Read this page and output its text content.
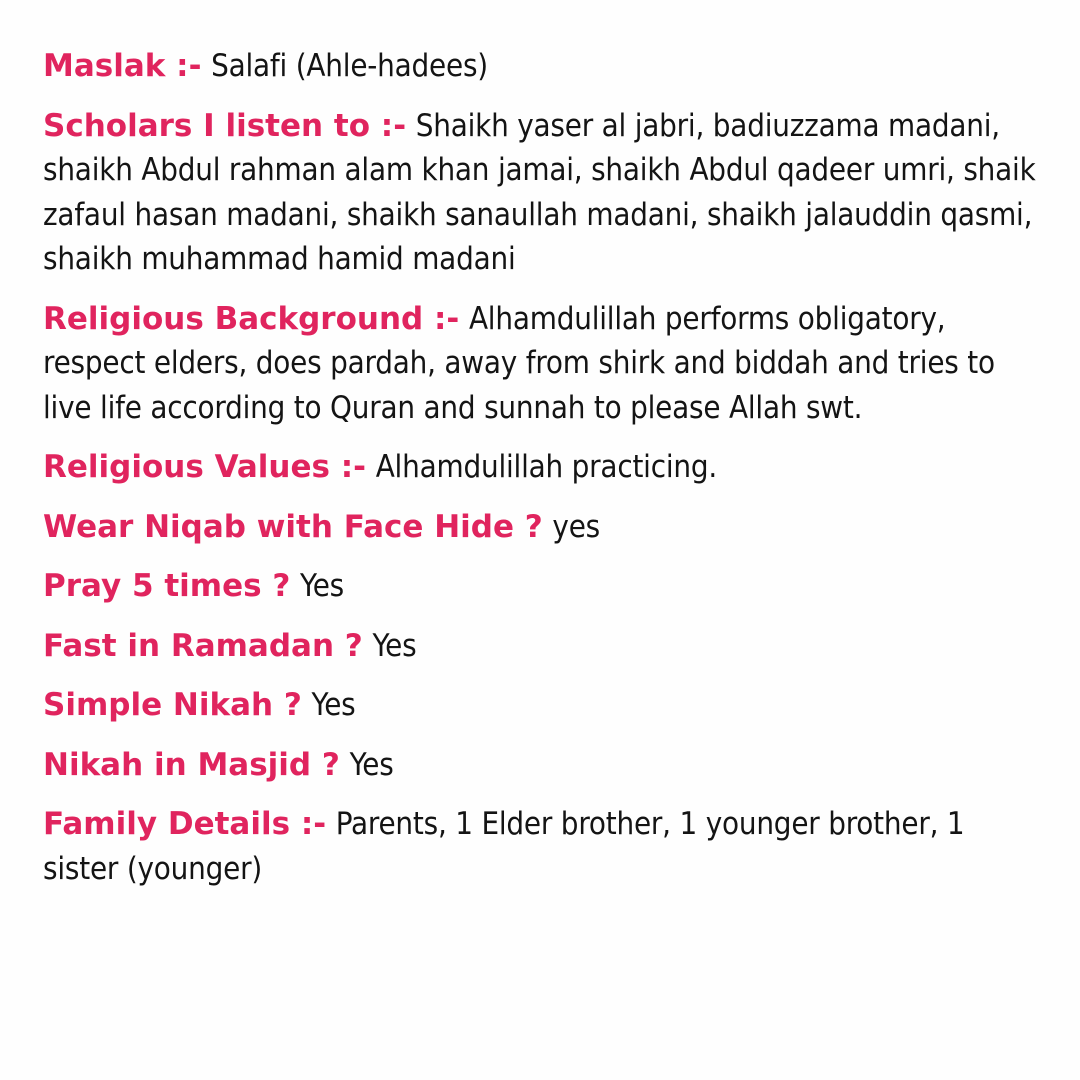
Maslak :- Salafi (Ahle-hadees)

Scholars I listen to :- Shaikh yaser al jabri, badiuzzama madani, shaikh Abdul rahman alam khan jamai, shaikh Abdul qadeer umri, shaik zafaul hasan madani, shaikh sanaullah madani, shaikh jalauddin qasmi, shaikh muhammad hamid madani

Religious Background :- Alhamdulillah performs obligatory, respect elders, does pardah, away from shirk and biddah and tries to live life according to Quran and sunnah to please Allah swt.

Religious Values :- Alhamdulillah practicing.

Wear Niqab with Face Hide ? yes

Pray 5 times ? Yes

Fast in Ramadan ? Yes

Simple Nikah ? Yes

Nikah in Masjid ? Yes

Family Details :- Parents, 1 Elder brother, 1 younger brother, 1 sister (younger)
